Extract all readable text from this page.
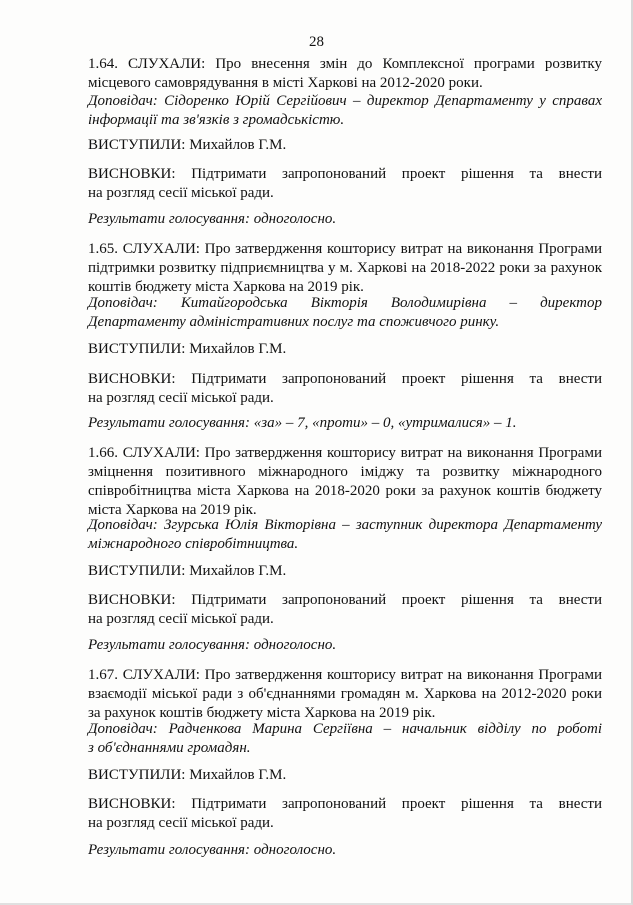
28

1.64. СЛУХАЛИ: Про внесення змін до Комплексної програми розвитку

місцевого самоврядування в місті Харкові на 2012-2020 роки.

Доповідач: Сідоренко Юрій Сергійович – директор Департаменту у справах

інформації та зв'язків з громадськістю.

ВИСТУПИЛИ: Михайлов Г.М.

ВИСНОВКИ: Підтримати запропонований проект рішення та внести

на розгляд сесії міської ради.

Результати голосування: одноголосно.

1.65. СЛУХАЛИ: Про затвердження кошторису витрат на виконання Програми

підтримки розвитку підприємництва у м. Харкові на 2018-2022 роки за рахунок

коштів бюджету міста Харкова на 2019 рік.

Доповідач: Китайгородська Вікторія Володимирівна – директор

Департаменту адміністративних послуг та споживчого ринку.

ВИСТУПИЛИ: Михайлов Г.М.

ВИСНОВКИ: Підтримати запропонований проект рішення та внести

на розгляд сесії міської ради.

Результати голосування: «за» – 7, «проти» – 0, «утрималися» – 1.

1.66. СЛУХАЛИ: Про затвердження кошторису витрат на виконання Програми

зміцнення позитивного міжнародного іміджу та розвитку міжнародного

співробітництва міста Харкова на 2018-2020 роки за рахунок коштів бюджету

міста Харкова на 2019 рік.

Доповідач: Згурська Юлія Вікторівна – заступник директора Департаменту

міжнародного співробітництва.

ВИСТУПИЛИ: Михайлов Г.М.

ВИСНОВКИ: Підтримати запропонований проект рішення та внести

на розгляд сесії міської ради.

Результати голосування: одноголосно.

1.67. СЛУХАЛИ: Про затвердження кошторису витрат на виконання Програми

взаємодії міської ради з об'єднаннями громадян м. Харкова на 2012-2020 роки

за рахунок коштів бюджету міста Харкова на 2019 рік.

Доповідач: Радченкова Марина Сергіївна – начальник відділу по роботі

з об'єднаннями громадян.

ВИСТУПИЛИ: Михайлов Г.М.

ВИСНОВКИ: Підтримати запропонований проект рішення та внести

на розгляд сесії міської ради.

Результати голосування: одноголосно.
